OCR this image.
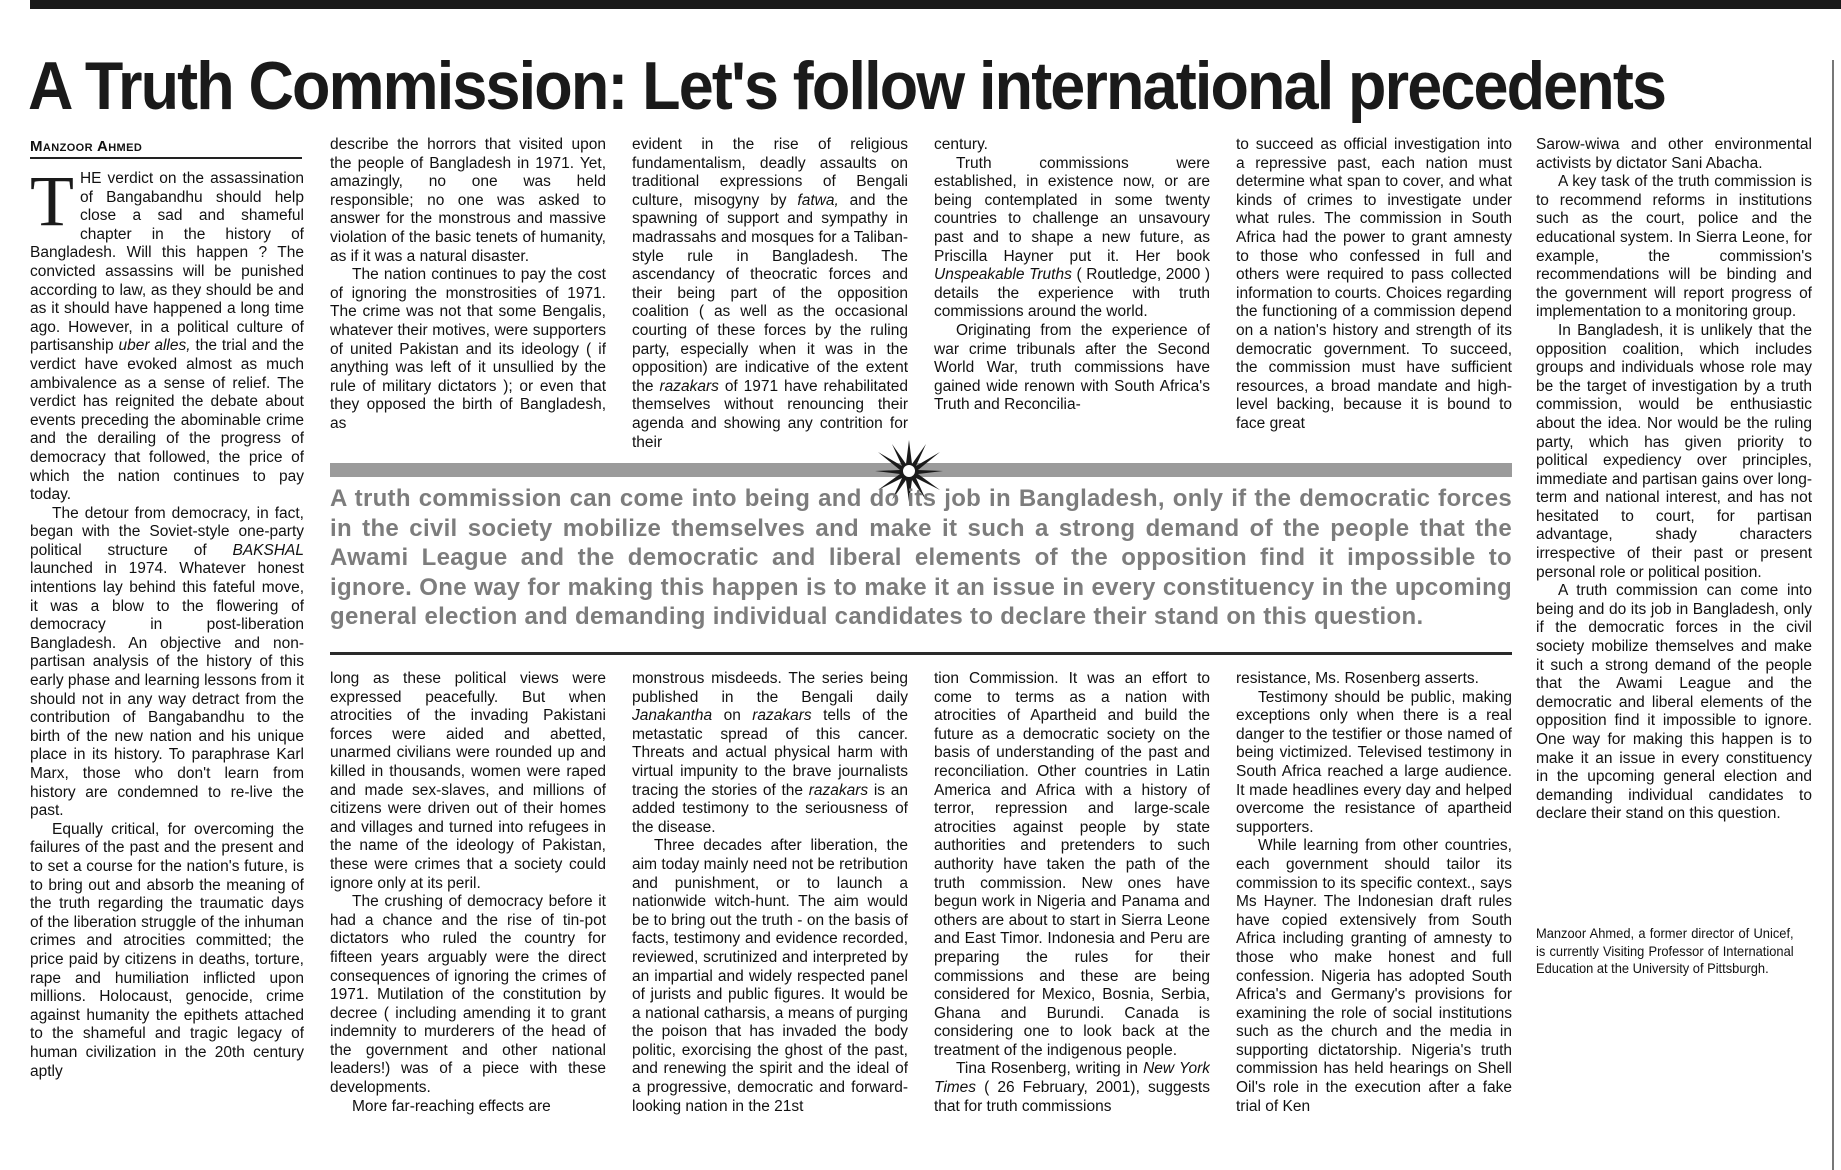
A Truth Commission: Let's follow international precedents
Manzoor Ahmed

THE verdict on the assassination of Bangabandhu should help close a sad and shameful chapter in the history of Bangladesh. Will this happen ? The convicted assassins will be punished according to law, as they should be and as it should have happened a long time ago. However, in a political culture of partisanship uber alles, the trial and the verdict have evoked almost as much ambivalence as a sense of relief. The verdict has reignited the debate about events preceding the abominable crime and the derailing of the progress of democracy that followed, the price of which the nation continues to pay today.

The detour from democracy, in fact, began with the Soviet-style one-party political structure of BAKSHAL launched in 1974. Whatever honest intentions lay behind this fateful move, it was a blow to the flowering of democracy in post-liberation Bangladesh. An objective and non-partisan analysis of the history of this early phase and learning lessons from it should not in any way detract from the contribution of Bangabandhu to the birth of the new nation and his unique place in its history. To paraphrase Karl Marx, those who don't learn from history are condemned to re-live the past.

Equally critical, for overcoming the failures of the past and the present and to set a course for the nation's future, is to bring out and absorb the meaning of the truth regarding the traumatic days of the liberation struggle of the inhuman crimes and atrocities committed; the price paid by citizens in deaths, torture, rape and humiliation inflicted upon millions. Holocaust, genocide, crime against humanity the epithets attached to the shameful and tragic legacy of human civilization in the 20th century aptly

describe the horrors that visited upon the people of Bangladesh in 1971. Yet, amazingly, no one was held responsible; no one was asked to answer for the monstrous and massive violation of the basic tenets of humanity, as if it was a natural disaster.

The nation continues to pay the cost of ignoring the monstrosities of 1971. The crime was not that some Bengalis, whatever their motives, were supporters of united Pakistan and its ideology ( if anything was left of it unsullied by the rule of military dictators ); or even that they opposed the birth of Bangladesh, as

evident in the rise of religious fundamentalism, deadly assaults on traditional expressions of Bengali culture, misogyny by fatwa, and the spawning of support and sympathy in madrassahs and mosques for a Taliban-style rule in Bangladesh. The ascendancy of theocratic forces and their being part of the opposition coalition ( as well as the occasional courting of these forces by the ruling party, especially when it was in the opposition) are indicative of the extent the razakars of 1971 have rehabilitated themselves without renouncing their agenda and showing any contrition for their

century.

Truth commissions were established, in existence now, or are being contemplated in some twenty countries to challenge an unsavoury past and to shape a new future, as Priscilla Hayner put it. Her book Unspeakable Truths ( Routledge, 2000 ) details the experience with truth commissions around the world.

Originating from the experience of war crime tribunals after the Second World War, truth commissions have gained wide renown with South Africa's Truth and Reconcilia-

to succeed as official investigation into a repressive past, each nation must determine what span to cover, and what kinds of crimes to investigate under what rules. The commission in South Africa had the power to grant amnesty to those who confessed in full and others were required to pass collected information to courts. Choices regarding the functioning of a commission depend on a nation's history and strength of its democratic government. To succeed, the commission must have sufficient resources, a broad mandate and high-level backing, because it is bound to face great

A truth commission can come into being and do its job in Bangladesh, only if the democratic forces in the civil society mobilize themselves and make it such a strong demand of the people that the Awami League and the democratic and liberal elements of the opposition find it impossible to ignore. One way for making this happen is to make it an issue in every constituency in the upcoming general election and demanding individual candidates to declare their stand on this question.

long as these political views were expressed peacefully. But when atrocities of the invading Pakistani forces were aided and abetted, unarmed civilians were rounded up and killed in thousands, women were raped and made sex-slaves, and millions of citizens were driven out of their homes and villages and turned into refugees in the name of the ideology of Pakistan, these were crimes that a society could ignore only at its peril.

The crushing of democracy before it had a chance and the rise of tin-pot dictators who ruled the country for fifteen years arguably were the direct consequences of ignoring the crimes of 1971. Mutilation of the constitution by decree ( including amending it to grant indemnity to murderers of the head of the government and other national leaders!) was of a piece with these developments.

More far-reaching effects are

monstrous misdeeds. The series being published in the Bengali daily Janakantha on razakars tells of the metastatic spread of this cancer. Threats and actual physical harm with virtual impunity to the brave journalists tracing the stories of the razakars is an added testimony to the seriousness of the disease.

Three decades after liberation, the aim today mainly need not be retribution and punishment, or to launch a nationwide witch-hunt. The aim would be to bring out the truth - on the basis of facts, testimony and evidence recorded, reviewed, scrutinized and interpreted by an impartial and widely respected panel of jurists and public figures. It would be a national catharsis, a means of purging the poison that has invaded the body politic, exorcising the ghost of the past, and renewing the spirit and the ideal of a progressive, democratic and forward-looking nation in the 21st

tion Commission. It was an effort to come to terms as a nation with atrocities of Apartheid and build the future as a democratic society on the basis of understanding of the past and reconciliation. Other countries in Latin America and Africa with a history of terror, repression and large-scale atrocities against people by state authorities and pretenders to such authority have taken the path of the truth commission. New ones have begun work in Nigeria and Panama and others are about to start in Sierra Leone and East Timor. Indonesia and Peru are preparing the rules for their commissions and these are being considered for Mexico, Bosnia, Serbia, Ghana and Burundi. Canada is considering one to look back at the treatment of the indigenous people.

Tina Rosenberg, writing in New York Times ( 26 February, 2001), suggests that for truth commissions

resistance, Ms. Rosenberg asserts.

Testimony should be public, making exceptions only when there is a real danger to the testifier or those named of being victimized. Televised testimony in South Africa reached a large audience. It made headlines every day and helped overcome the resistance of apartheid supporters.

While learning from other countries, each government should tailor its commission to its specific context., says Ms Hayner. The Indonesian draft rules have copied extensively from South Africa including granting of amnesty to those who make honest and full confession. Nigeria has adopted South Africa's and Germany's provisions for examining the role of social institutions such as the church and the media in supporting dictatorship. Nigeria's truth commission has held hearings on Shell Oil's role in the execution after a fake trial of Ken

Sarow-wiwa and other environmental activists by dictator Sani Abacha.

A key task of the truth commission is to recommend reforms in institutions such as the court, police and the educational system. In Sierra Leone, for example, the commission's recommendations will be binding and the government will report progress of implementation to a monitoring group.

In Bangladesh, it is unlikely that the opposition coalition, which includes groups and individuals whose role may be the target of investigation by a truth commission, would be enthusiastic about the idea. Nor would be the ruling party, which has given priority to political expediency over principles, immediate and partisan gains over long-term and national interest, and has not hesitated to court, for partisan advantage, shady characters irrespective of their past or present personal role or political position.

A truth commission can come into being and do its job in Bangladesh, only if the democratic forces in the civil society mobilize themselves and make it such a strong demand of the people that the Awami League and the democratic and liberal elements of the opposition find it impossible to ignore. One way for making this happen is to make it an issue in every constituency in the upcoming general election and demanding individual candidates to declare their stand on this question.

Manzoor Ahmed, a former director of Unicef, is currently Visiting Professor of International Education at the University of Pittsburgh.
